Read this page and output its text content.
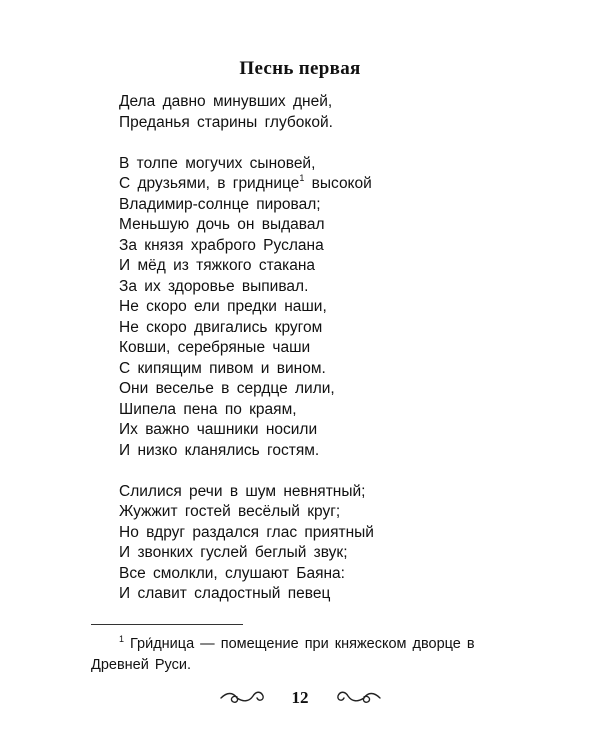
Песнь первая

Дела давно минувших дней,
Преданья старины глубокой.

В толпе могучих сыновей,
С друзьями, в гриднице$^1$ высокой
Владимир-солнце пировал;
Меньшую дочь он выдавал
За князя храброго Руслана
И мёд из тяжкого стакана
За их здоровье выпивал.
Не скоро ели предки наши,
Не скоро двигались кругом
Ковши, серебряные чаши
С кипящим пивом и вином.
Они веселье в сердце лили,
Шипела пена по краям,
Их важно чашники носили
И низко кланялись гостям.

Слилися речи в шум невнятный;
Жужжит гостей весёлый круг;
Но вдруг раздался глас приятный
И звонких гуслей беглый звук;
Все смолкли, слушают Баяна:
И славит сладостный певец

$^1$ Гри́дница — помещение при княжеском дворце в
Древней Руси.
12
